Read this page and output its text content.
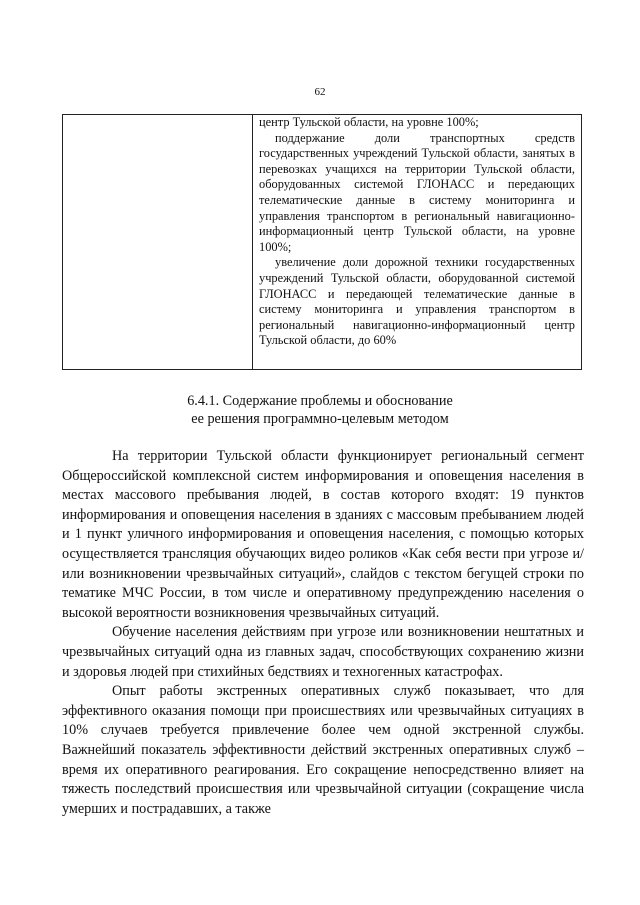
62

центр Тульской области, на уровне 100%;

поддержание доли транспортных средств государственных учреждений Тульской области, занятых в перевозках учащихся на территории Тульской области, оборудованных системой ГЛОНАСС и передающих телематические данные в систему мониторинга и управления транспортом в региональный навигационно-информационный центр Тульской области, на уровне 100%;

увеличение доли дорожной техники государственных учреждений Тульской области, оборудованной системой ГЛОНАСС и передающей телематические данные в систему мониторинга и управления транспортом в региональный навигационно-информационный центр Тульской области, до 60%

6.4.1. Содержание проблемы и обоснование
ее решения программно-целевым методом

На территории Тульской области функционирует региональный сегмент Общероссийской комплексной систем информирования и оповещения населения в местах массового пребывания людей, в состав которого входят: 19 пунктов информирования и оповещения населения в зданиях с массовым пребыванием людей и 1 пункт уличного информирования и оповещения населения, с помощью которых осуществляется трансляция обучающих видео роликов «Как себя вести при угрозе и/или возникновении чрезвычайных ситуаций», слайдов с текстом бегущей строки по тематике МЧС России, в том числе и оперативному предупреждению населения о высокой вероятности возникновения чрезвычайных ситуаций.

Обучение населения действиям при угрозе или возникновении нештатных и чрезвычайных ситуаций одна из главных задач, способствующих сохранению жизни и здоровья людей при стихийных бедствиях и техногенных катастрофах.

Опыт работы экстренных оперативных служб показывает, что для эффективного оказания помощи при происшествиях или чрезвычайных ситуациях в 10% случаев требуется привлечение более чем одной экстренной службы. Важнейший показатель эффективности действий экстренных оперативных служб – время их оперативного реагирования. Его сокращение непосредственно влияет на тяжесть последствий происшествия или чрезвычайной ситуации (сокращение числа умерших и пострадавших, а также
